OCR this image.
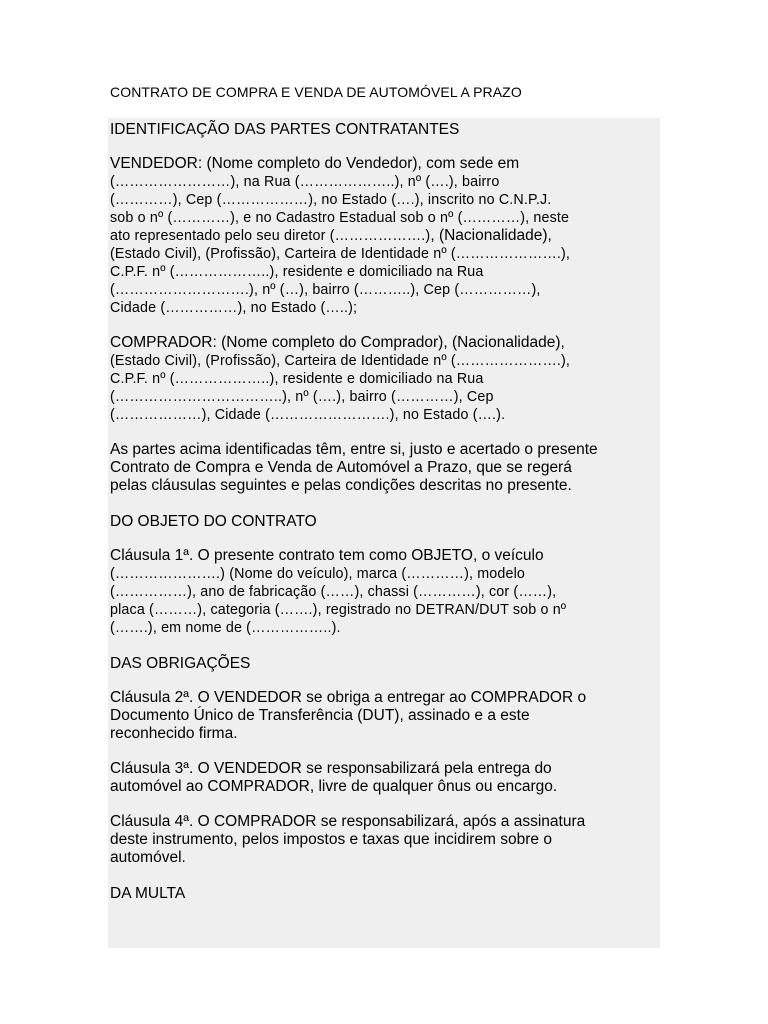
CONTRATO DE COMPRA E VENDA DE AUTOMÓVEL A PRAZO

IDENTIFICAÇÃO DAS PARTES CONTRATANTES

VENDEDOR: (Nome completo do Vendedor), com sede em
(……………………), na Rua (………………..), nº (….), bairro
(…………), Cep (………………), no Estado (….), inscrito no C.N.P.J.
sob o nº (…………), e no Cadastro Estadual sob o nº (…………), neste
ato representado pelo seu diretor (……………….), (Nacionalidade),
(Estado Civil), (Profissão), Carteira de Identidade nº (………………….),
C.P.F. nº (………………..), residente e domiciliado na Rua
(……………………….), nº (…), bairro (………..), Cep (……………),
Cidade (……………), no Estado (…..);
COMPRADOR: (Nome completo do Comprador), (Nacionalidade),
(Estado Civil), (Profissão), Carteira de Identidade nº (………………….),
C.P.F. nº (………………..), residente e domiciliado na Rua
(……………………………..), nº (….), bairro (…………), Cep
(………………), Cidade (…………………….), no Estado (….).
As partes acima identificadas têm, entre si, justo e acertado o presente
Contrato de Compra e Venda de Automóvel a Prazo, que se regerá
pelas cláusulas seguintes e pelas condições descritas no presente.

DO OBJETO DO CONTRATO

Cláusula 1ª. O presente contrato tem como OBJETO, o veículo
(………………….) (Nome do veículo), marca (…………), modelo
(……………), ano de fabricação (……), chassi (…………), cor (……),
placa (………), categoria (…….), registrado no DETRAN/DUT sob o nº
(…….), em nome de (……………..).

DAS OBRIGAÇÕES

Cláusula 2ª. O VENDEDOR se obriga a entregar ao COMPRADOR o
Documento Único de Transferência (DUT), assinado e a este
reconhecido firma.
Cláusula 3ª. O VENDEDOR se responsabilizará pela entrega do
automóvel ao COMPRADOR, livre de qualquer ônus ou encargo.
Cláusula 4ª. O COMPRADOR se responsabilizará, após a assinatura
deste instrumento, pelos impostos e taxas que incidirem sobre o
automóvel.

DA MULTA
